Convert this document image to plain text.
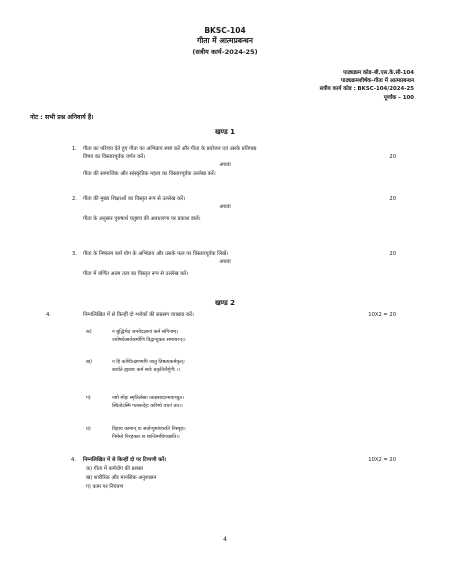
BKSC-104
गीता में आत्मप्रबन्धन
(सत्रीय कार्य–2024-25)
पाठ्यक्रम कोड–बी.एस.के.सी-104
पाठ्यक्रमशीर्षक–गीता में आत्मप्रबन्धन
सत्रीय कार्य कोड : BKSC-104/2024-25
पूर्णांक – 100
नोट : सभी प्रश्न अनिवार्य हैं।
खण्ड 1
1. गीता का परिचय देते हुए गीता का अभिप्राय स्पष्ट करें और गीता के प्रयोजन एवं उसके प्रतिपाद्य
विषय का विस्तारपूर्वक वर्णन करें।	20
अथवा
गीता की सामाजिक और सांस्कृतिक महत्व का विस्तारपूर्वक उल्लेख करें।
2. गीता की मुख्य शिक्षाओं का विस्तृत रूप से उल्लेख करें।	20
अथवा
गीता के अनुसार पुरुषार्थ चतुष्टय की अवधारणा पर प्रकाश डालें।
3. गीता के निष्काम कर्म योग के अभिप्राय और उसके फल पर विस्तारपूर्वक लिखें।	20
अथवा
गीता में वर्णित आत्म तत्व का विस्तृत रूप से उल्लेख करें।
खण्ड 2
4.	निम्नलिखित में से किन्हीं दो श्लोकों की सप्रसंग व्याख्या करें।	10X2 = 20
क)	न बुद्धिभेदं जनयेदज्ञानां कर्म संगिनाम्।
ज्योषयेत्सर्वकर्माणि विद्वान्युक्तः समाचरन्।।
ख)	न हि कश्चित्क्षणमपि जातु तिष्ठत्यकर्मकृत्।
कार्यते ह्यवशः कर्म सर्वः प्रकृतिजैर्गुणैः ।।
ग)	नष्टो मोहः स्मृतिर्लब्धा त्वत्प्रसादान्मयाच्युत।
स्थितोऽस्मि गतसन्देहः करिष्ये वचनं तव।।
घ)	विहाय कामान् यः सर्वान्पुमांश्चरति निस्पृहः।
निर्ममो निरहंकार स शान्तिमधिगच्छति।।
4. निम्नलिखित में से किन्हीं दो पर टिप्पणी करें।	10X2 = 20
क) गीता में कर्मयोग की प्रशंसा
ख) शारीरिक और मानसिक अनुशासन
ग) काम पर नियंत्रण
4
